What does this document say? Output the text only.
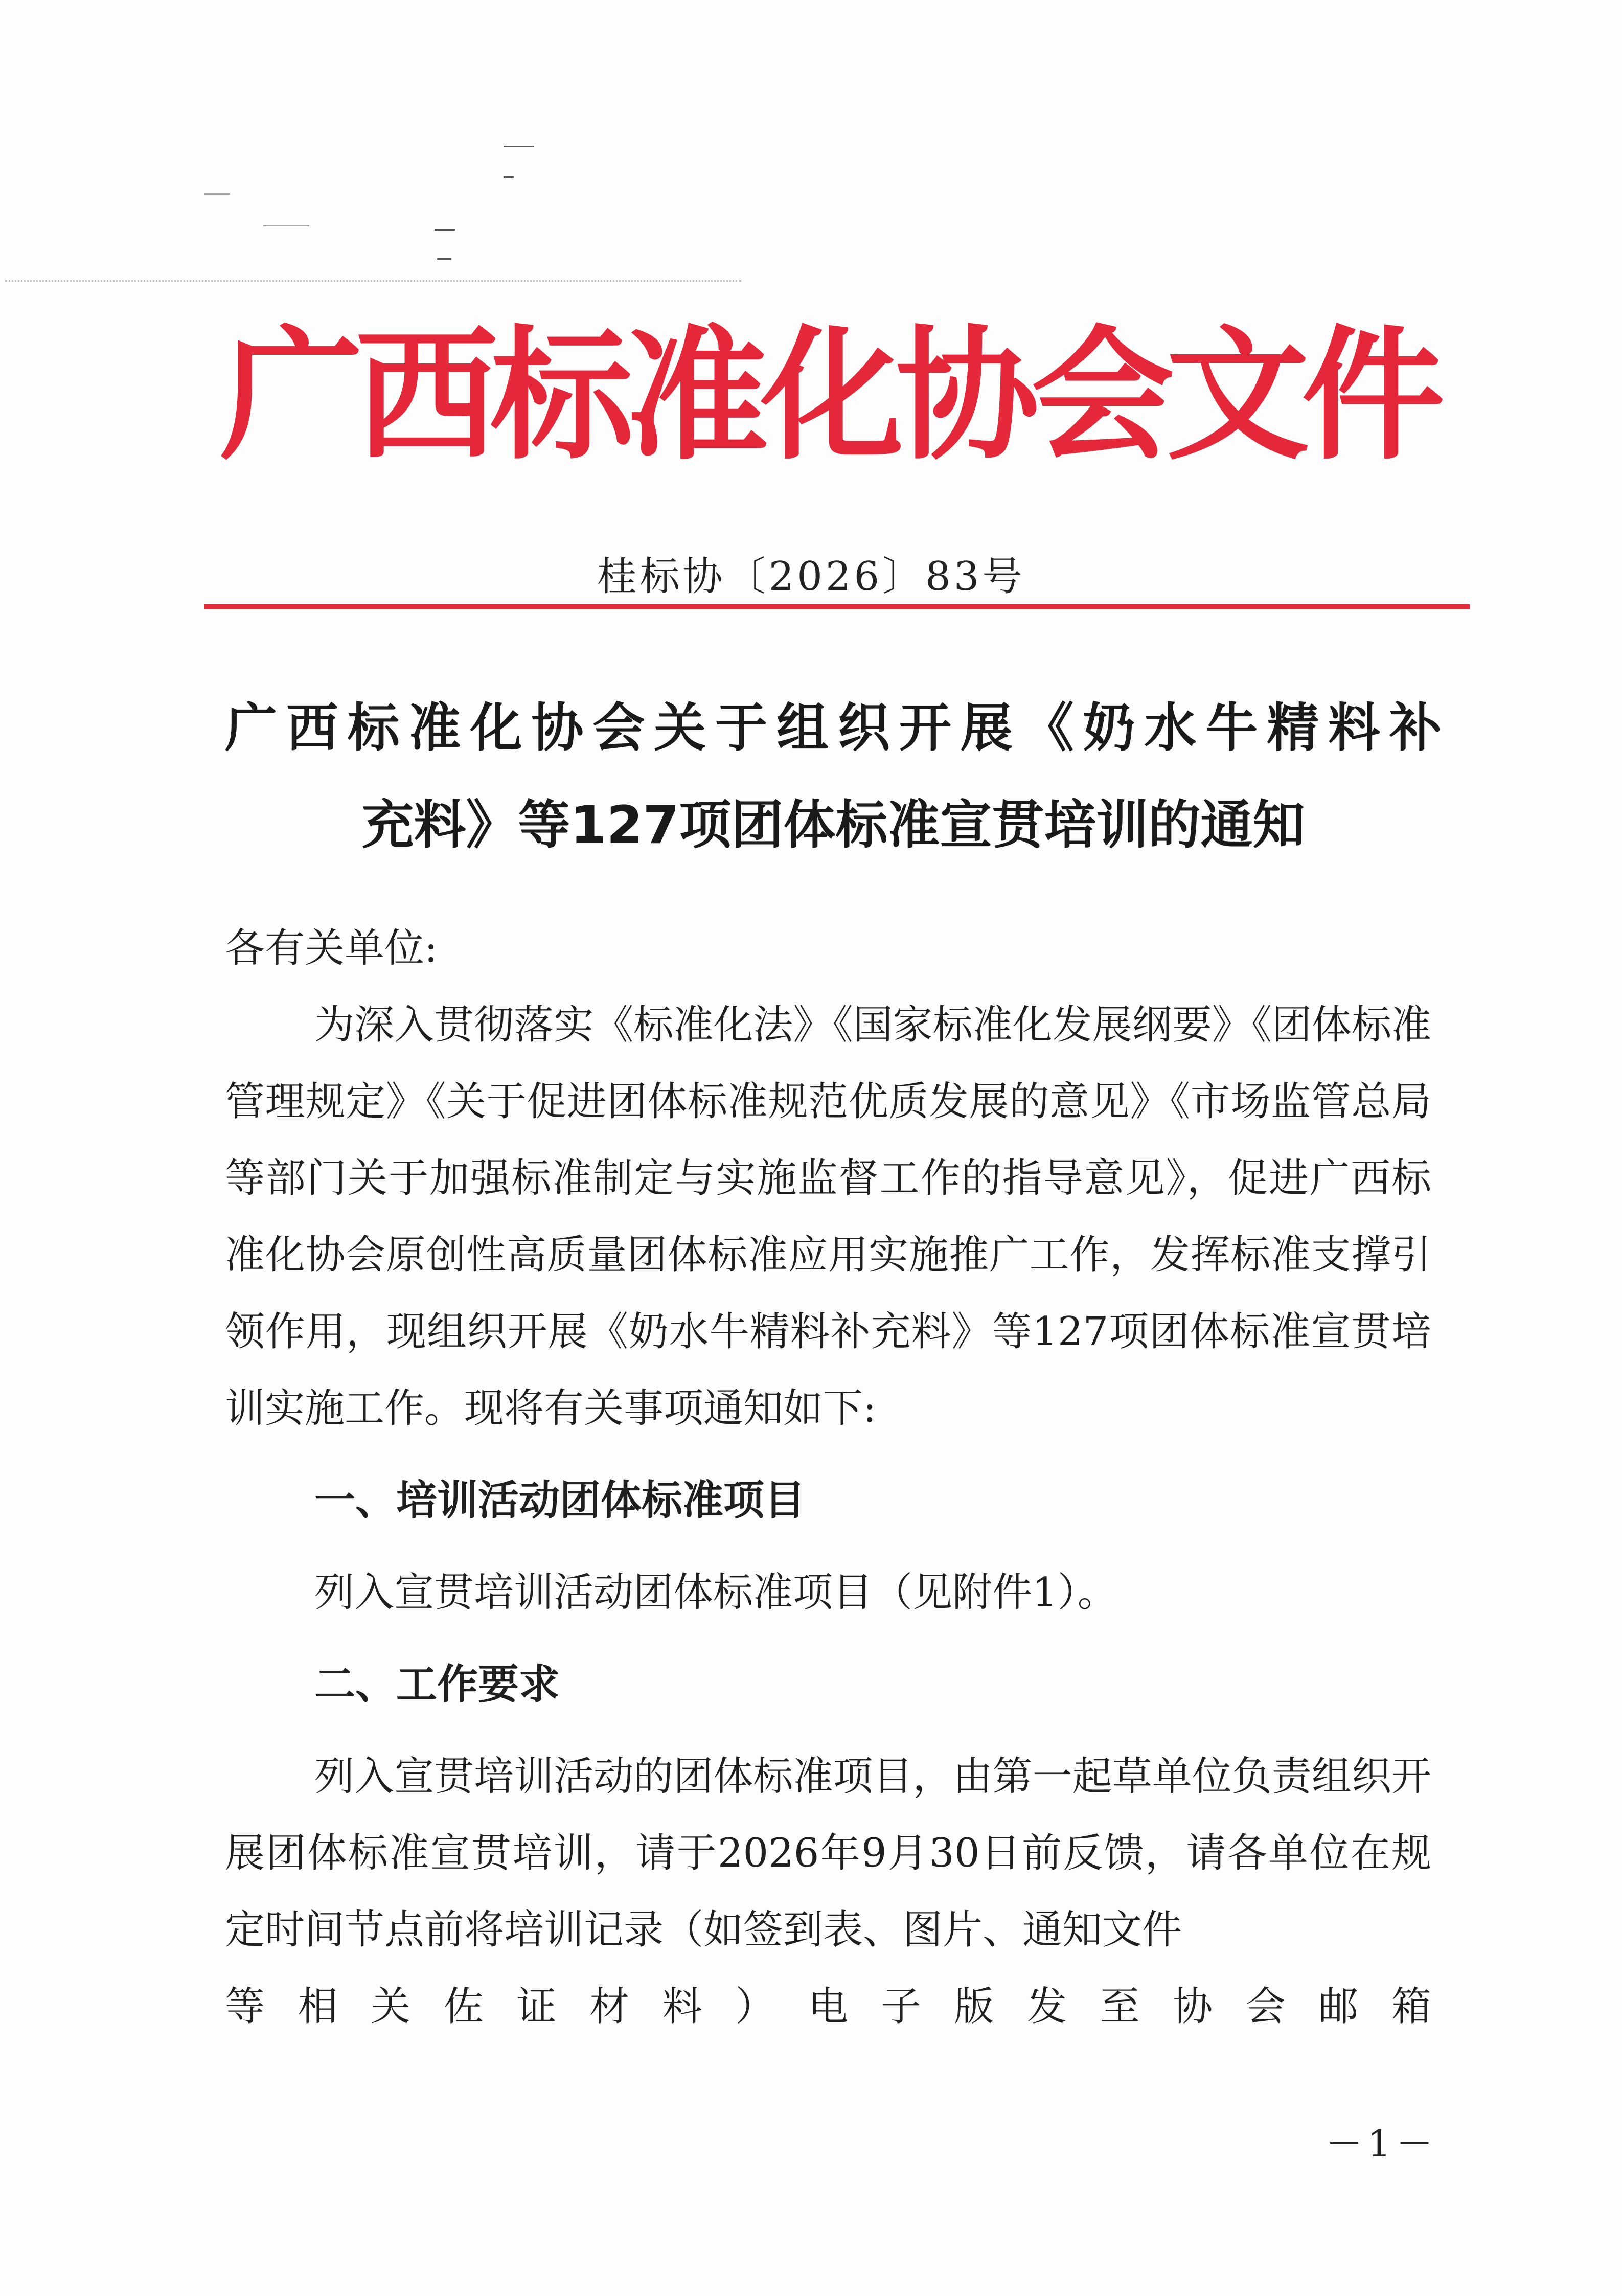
广
西
标
准
化
协
会
文
件
桂标协〔2026〕83号
广西标准化协会关于组织开展《奶水牛精料补
充料》等127项团体标准宣贯培训的通知

各有关单位:

为深入贯彻落实《标准化法》《国家标准化发展纲要》《团体标准管理规定》《关于促进团体标准规范优质发展的意见》《市场监管总局等部门关于加强标准制定与实施监督工作的指导意见》，促进广西标准化协会原创性高质量团体标准应用实施推广工作，发挥标准支撑引领作用，现组织开展《奶水牛精料补充料》等127项团体标准宣贯培训实施工作。现将有关事项通知如下:

一、培训活动团体标准项目

列入宣贯培训活动团体标准项目（见附件1）。

二、工作要求

列入宣贯培训活动的团体标准项目，由第一起草单位负责组织开展团体标准宣贯培训，请于2026年9月30日前反馈，请各单位在规定时间节点前将培训记录（如签到表、图片、通知文件

等相关佐证材料）电子版发至协会邮箱

－1－
